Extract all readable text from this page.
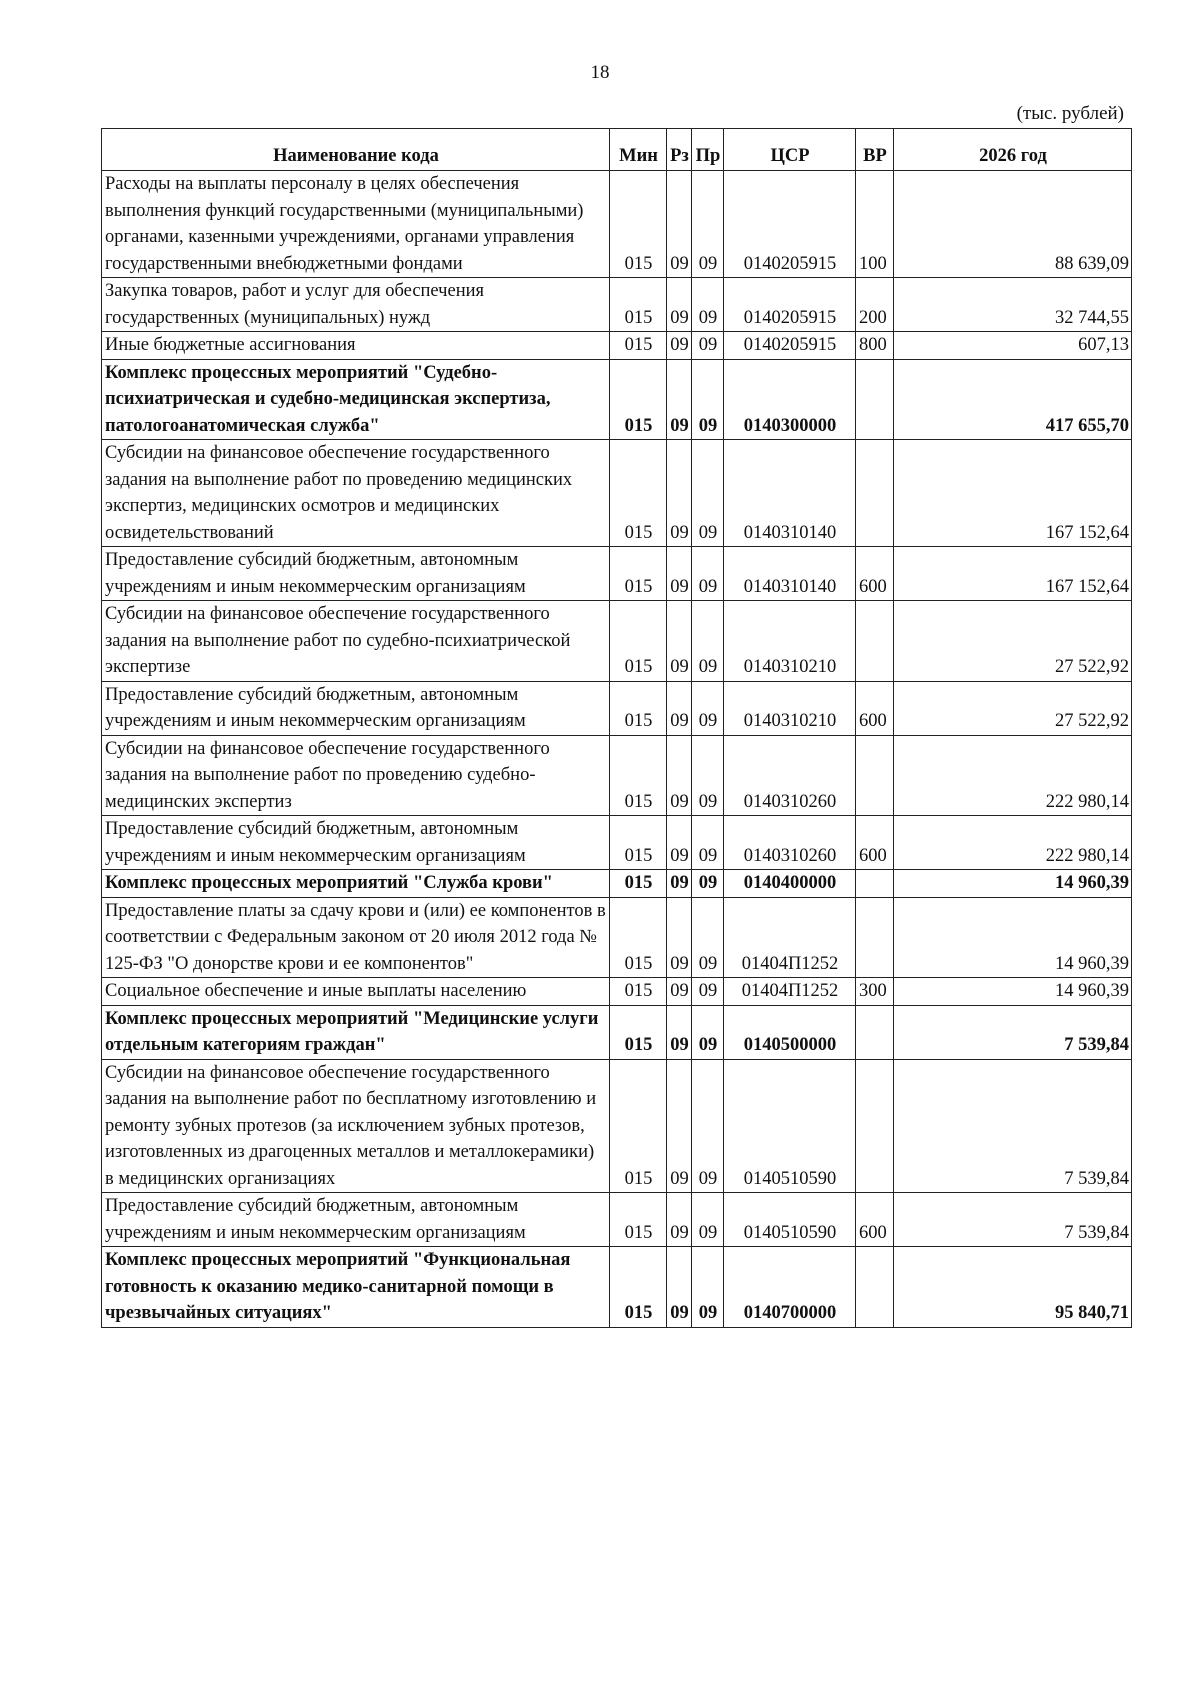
18
(тыс. рублей)
Наименование кода	Мин	Рз	Пр	ЦСР	ВР	2026 год
Расходы на выплаты персоналу в целях обеспечения выполнения функций государственными (муниципальными) органами, казенными учреждениями, органами управления государственными внебюджетными фондами	015	09	09	0140205915	100	88 639,09
Закупка товаров, работ и услуг для обеспечения государственных (муниципальных) нужд	015	09	09	0140205915	200	32 744,55
Иные бюджетные ассигнования	015	09	09	0140205915	800	607,13
Комплекс процессных мероприятий "Судебно-психиатрическая и судебно-медицинская экспертиза, патологоанатомическая служба"	015	09	09	0140300000		417 655,70
Субсидии на финансовое обеспечение государственного задания на выполнение работ по проведению медицинских экспертиз, медицинских осмотров и медицинских освидетельствований	015	09	09	0140310140		167 152,64
Предоставление субсидий бюджетным, автономным учреждениям и иным некоммерческим организациям	015	09	09	0140310140	600	167 152,64
Субсидии на финансовое обеспечение государственного задания на выполнение работ по судебно-психиатрической экспертизе	015	09	09	0140310210		27 522,92
Предоставление субсидий бюджетным, автономным учреждениям и иным некоммерческим организациям	015	09	09	0140310210	600	27 522,92
Субсидии на финансовое обеспечение государственного задания на выполнение работ по проведению судебно-медицинских экспертиз	015	09	09	0140310260		222 980,14
Предоставление субсидий бюджетным, автономным учреждениям и иным некоммерческим организациям	015	09	09	0140310260	600	222 980,14
Комплекс процессных мероприятий "Служба крови"	015	09	09	0140400000		14 960,39
Предоставление платы за сдачу крови и (или) ее компонентов в соответствии с Федеральным законом от 20 июля 2012 года № 125-ФЗ "О донорстве крови и ее компонентов"	015	09	09	01404П1252		14 960,39
Социальное обеспечение и иные выплаты населению	015	09	09	01404П1252	300	14 960,39
Комплекс процессных мероприятий "Медицинские услуги отдельным категориям граждан"	015	09	09	0140500000		7 539,84
Субсидии на финансовое обеспечение государственного задания на выполнение работ по бесплатному изготовлению и ремонту зубных протезов (за исключением зубных протезов, изготовленных из драгоценных металлов и металлокерамики) в медицинских организациях	015	09	09	0140510590		7 539,84
Предоставление субсидий бюджетным, автономным учреждениям и иным некоммерческим организациям	015	09	09	0140510590	600	7 539,84
Комплекс процессных мероприятий "Функциональная готовность к оказанию медико-санитарной помощи в чрезвычайных ситуациях"	015	09	09	0140700000		95 840,71
